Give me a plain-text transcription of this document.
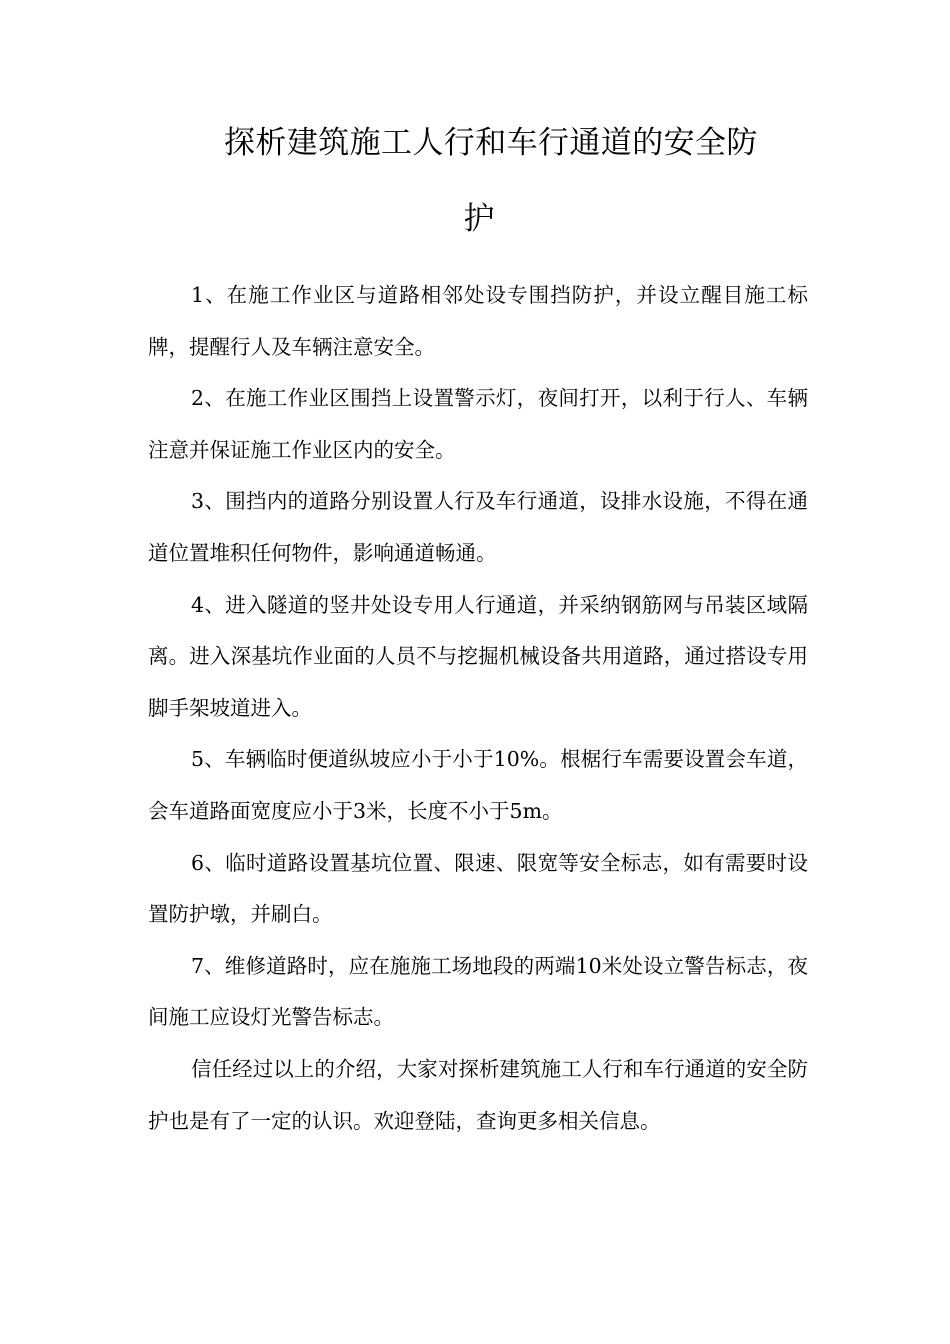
探析建筑施工人行和车行通道的安全防
护

1、在施工作业区与道路相邻处设专围挡防护，并设立醒目施工标牌，提醒行人及车辆注意安全。

2、在施工作业区围挡上设置警示灯，夜间打开，以利于行人、车辆注意并保证施工作业区内的安全。

3、围挡内的道路分别设置人行及车行通道，设排水设施，不得在通道位置堆积任何物件，影响通道畅通。

4、进入隧道的竖井处设专用人行通道，并采纳钢筋网与吊装区域隔离。进入深基坑作业面的人员不与挖掘机械设备共用道路，通过搭设专用脚手架坡道进入。

5、车辆临时便道纵坡应小于小于10%。根椐行车需要设置会车道，会车道路面宽度应小于3米，长度不小于5m。

6、临时道路设置基坑位置、限速、限宽等安全标志，如有需要时设置防护墩，并刷白。

7、维修道路时，应在施施工场地段的两端10米处设立警告标志，夜间施工应设灯光警告标志。

信任经过以上的介绍，大家对探析建筑施工人行和车行通道的安全防护也是有了一定的认识。欢迎登陆，查询更多相关信息。
